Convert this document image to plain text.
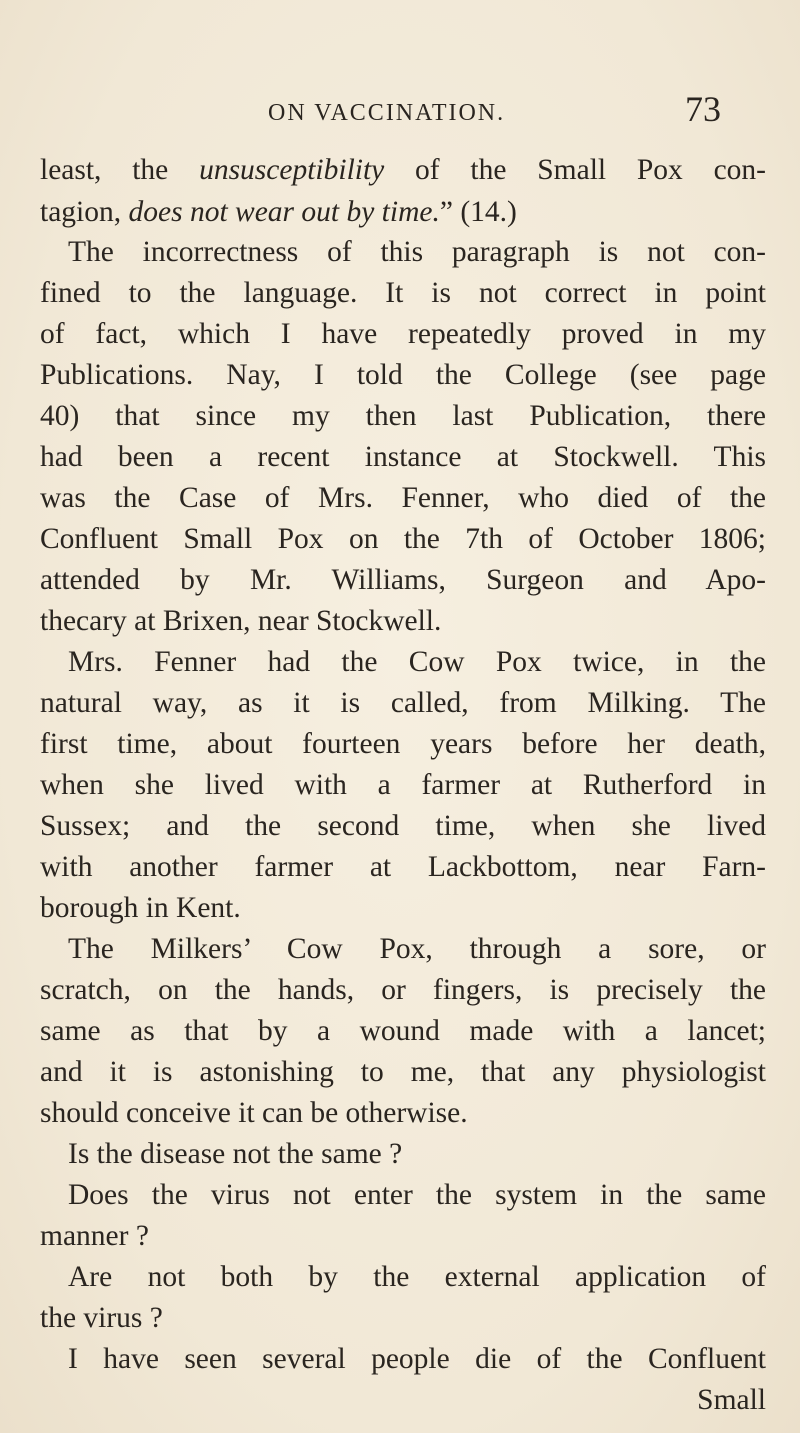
ON VACCINATION.	73
least, the unsusceptibility of the Small Pox con-
tagion, does not wear out by time.” (14.)
The incorrectness of this paragraph is not con-
fined to the language. It is not correct in point
of fact, which I have repeatedly proved in my
Publications. Nay, I told the College (see page
40) that since my then last Publication, there
had been a recent instance at Stockwell. This
was the Case of Mrs. Fenner, who died of the
Confluent Small Pox on the 7th of October 1806;
attended by Mr. Williams, Surgeon and Apo-
thecary at Brixen, near Stockwell.
Mrs. Fenner had the Cow Pox twice, in the
natural way, as it is called, from Milking. The
first time, about fourteen years before her death,
when she lived with a farmer at Rutherford in
Sussex; and the second time, when she lived
with another farmer at Lackbottom, near Farn-
borough in Kent.
The Milkers’ Cow Pox, through a sore, or
scratch, on the hands, or fingers, is precisely the
same as that by a wound made with a lancet;
and it is astonishing to me, that any physiologist
should conceive it can be otherwise.
Is the disease not the same ?
Does the virus not enter the system in the same
manner ?
Are not both by the external application of
the virus ?
I have seen several people die of the Confluent
Small
